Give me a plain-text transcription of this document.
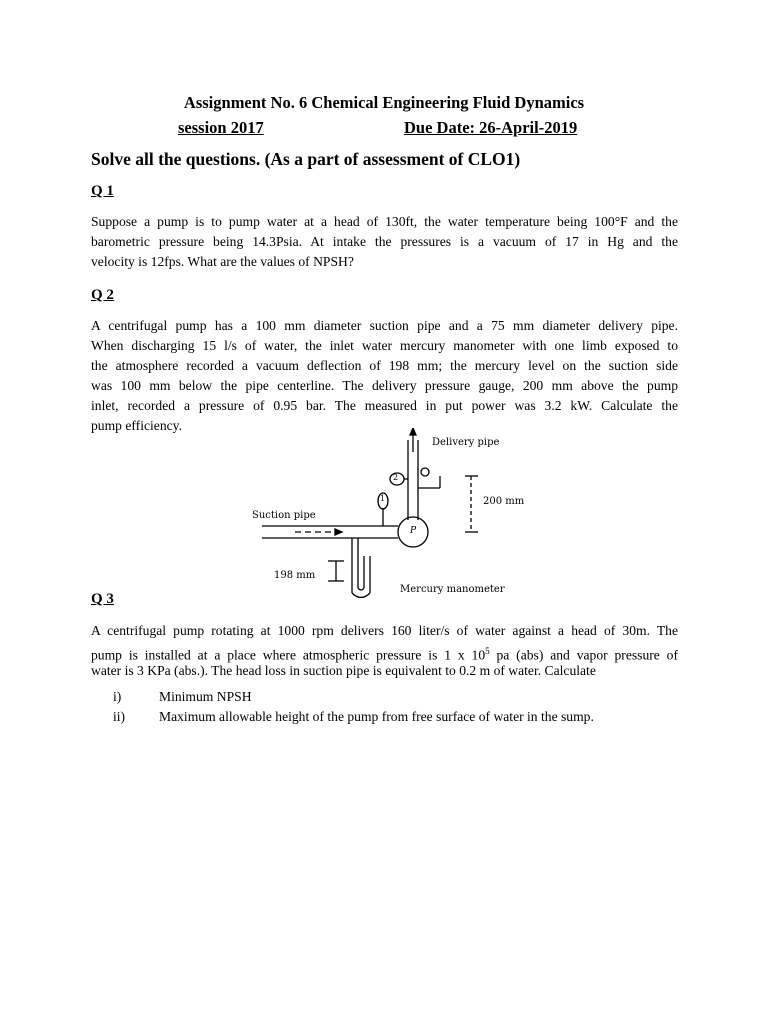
Assignment No. 6 Chemical Engineering Fluid Dynamics
session 2017	Due Date: 26-April-2019
Solve all the questions. (As a part of assessment of CLO1)
Q 1
Suppose a pump is to pump water at a head of 130ft, the water temperature being 100°F and the
barometric pressure being 14.3Psia. At intake the pressures is a vacuum of 17 in Hg and the
velocity is 12fps. What are the values of NPSH?
Q 2
A centrifugal pump has a 100 mm diameter suction pipe and a 75 mm diameter delivery pipe.
When discharging 15 l/s of water, the inlet water mercury manometer with one limb exposed to
the atmosphere recorded a vacuum deflection of 198 mm; the mercury level on the suction side
was 100 mm below the pipe centerline. The delivery pressure gauge, 200 mm above the pump
inlet, recorded a pressure of 0.95 bar. The measured in put power was 3.2 kW. Calculate the
pump efficiency.
Delivery pipe
200 mm
Suction pipe
198 mm
Mercury manometer
1
2
P
Q 3
A centrifugal pump rotating at 1000 rpm delivers 160 liter/s of water against a head of 30m. The
pump is installed at a place where atmospheric pressure is 1 x $10^5$ pa (abs) and vapor pressure of
water is 3 KPa (abs.). The head loss in suction pipe is equivalent to 0.2 m of water. Calculate
i)	Minimum NPSH
ii)	Maximum allowable height of the pump from free surface of water in the sump.
